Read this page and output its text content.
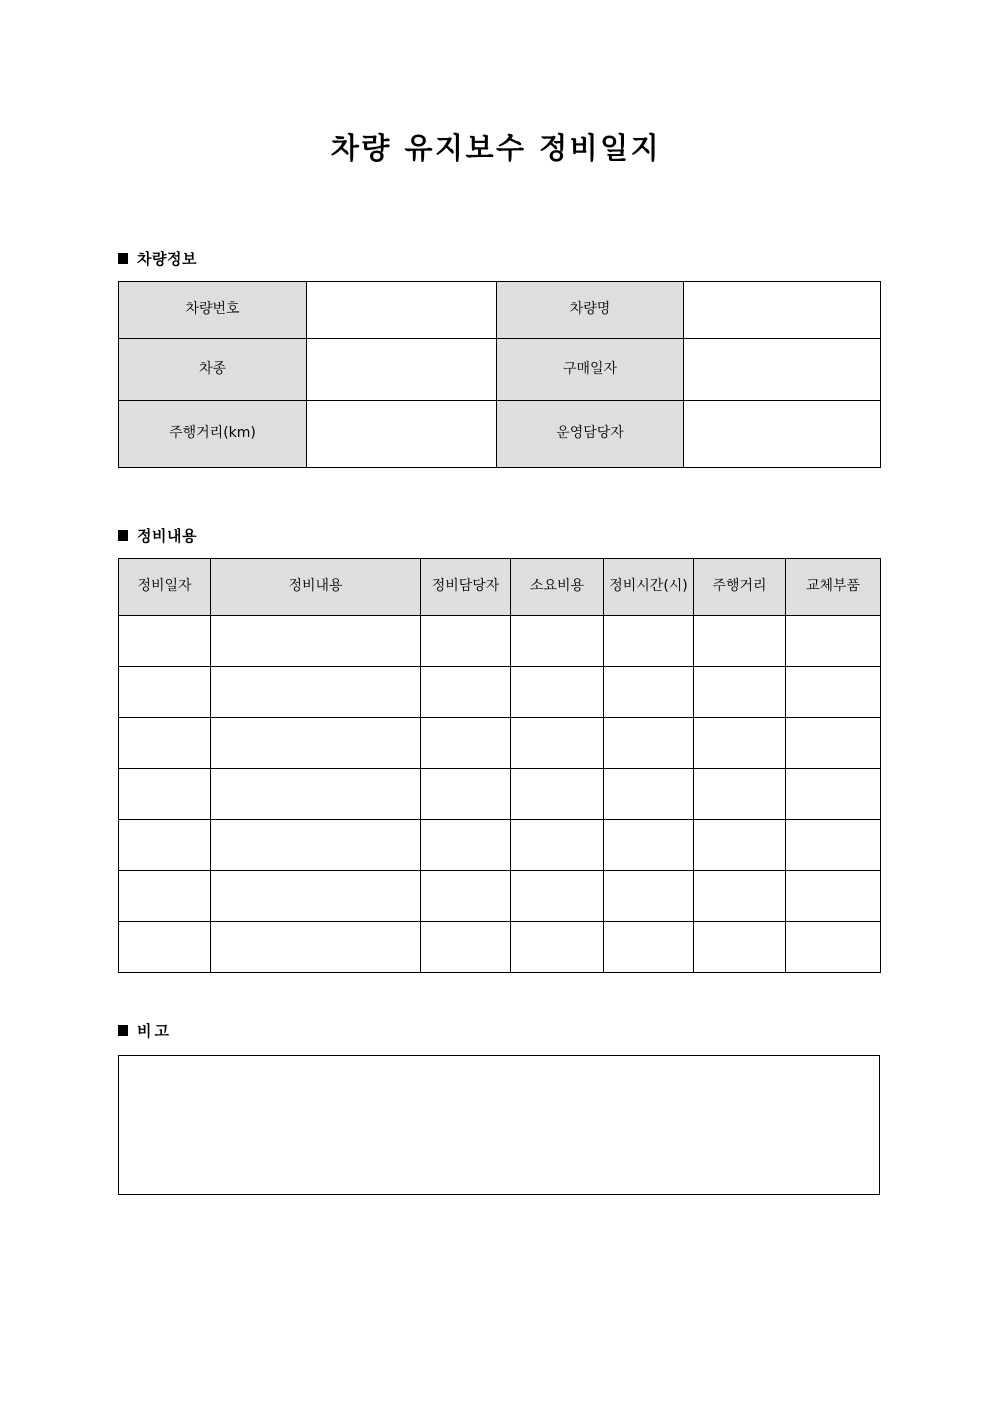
차량 유지보수 정비일지
차량정보
차량번호		차량명	
차종		구매일자	
주행거리(km)		운영담당자	
정비내용
정비일자	정비내용	정비담당자	소요비용	정비시간(시)	주행거리	교체부품

비고
